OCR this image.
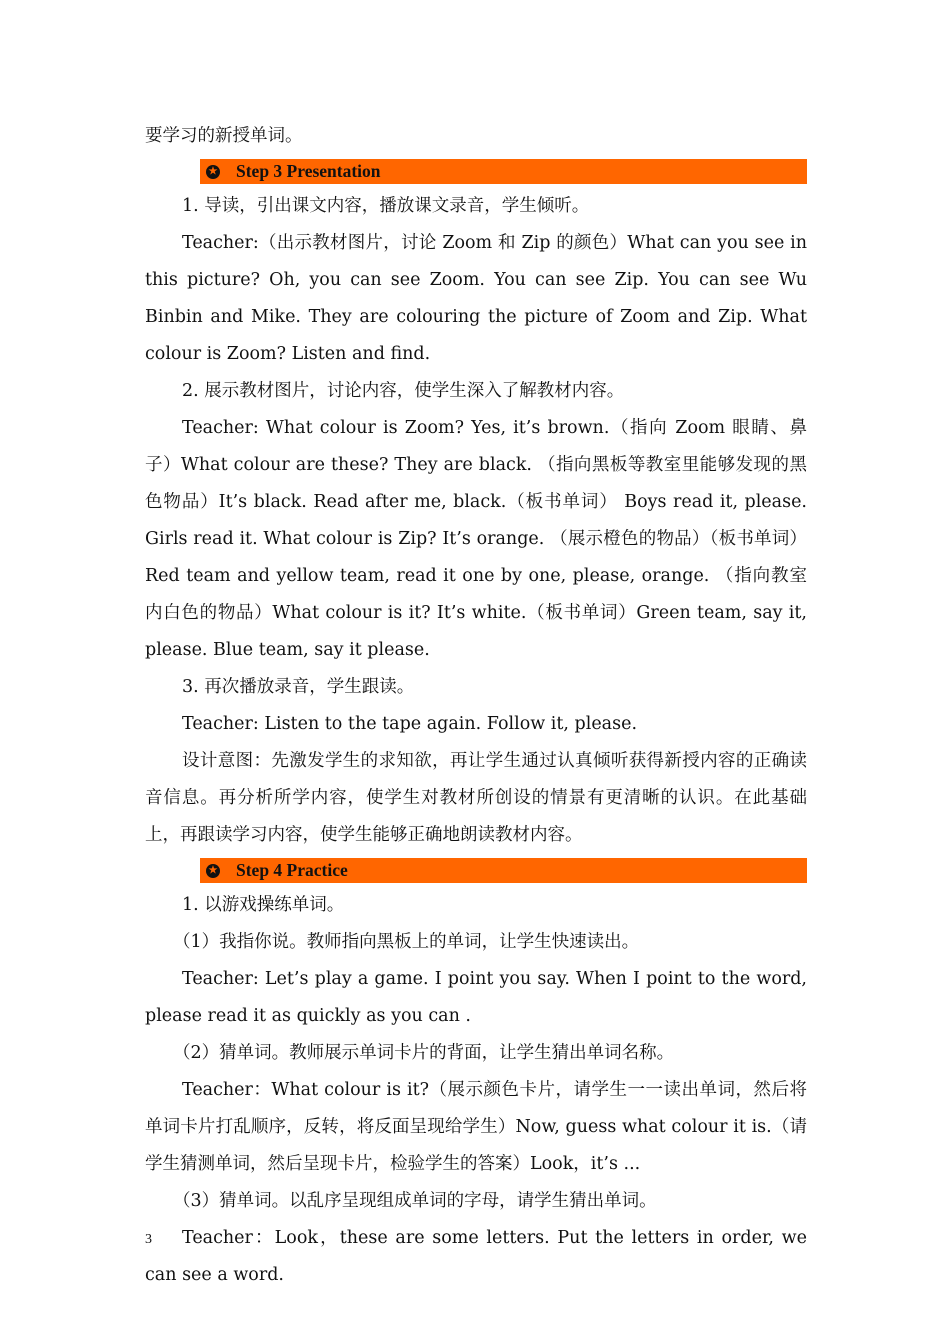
要学习的新授单词。

★ Step 3 Presentation

1. 导读，引出课文内容，播放课文录音，学生倾听。

Teacher:（出示教材图片，讨论 Zoom 和 Zip 的颜色）What can you see in this picture? Oh, you can see Zoom. You can see Zip. You can see Wu Binbin and Mike. They are colouring the picture of Zoom and Zip. What colour is Zoom? Listen and find.

2. 展示教材图片，讨论内容，使学生深入了解教材内容。

Teacher: What colour is Zoom? Yes, it’s brown.（指向 Zoom 眼睛、鼻子）What colour are these? They are black. （指向黑板等教室里能够发现的黑色物品）It’s black. Read after me, black.（板书单词） Boys read it, please. Girls read it. What colour is Zip? It’s orange. （展示橙色的物品）（板书单词）Red team and yellow team, read it one by one, please, orange. （指向教室内白色的物品）What colour is it? It’s white.（板书单词）Green team, say it, please. Blue team, say it please.

3. 再次播放录音，学生跟读。

Teacher: Listen to the tape again. Follow it, please.

设计意图：先激发学生的求知欲，再让学生通过认真倾听获得新授内容的正确读音信息。再分析所学内容，使学生对教材所创设的情景有更清晰的认识。在此基础上，再跟读学习内容，使学生能够正确地朗读教材内容。

★ Step 4 Practice

1. 以游戏操练单词。

（1）我指你说。教师指向黑板上的单词，让学生快速读出。

Teacher: Let’s play a game. I point you say. When I point to the word, please read it as quickly as you can .

（2）猜单词。教师展示单词卡片的背面，让学生猜出单词名称。

Teacher：What colour is it?（展示颜色卡片，请学生一一读出单词，然后将单词卡片打乱顺序，反转，将反面呈现给学生）Now, guess what colour it is.（请学生猜测单词，然后呈现卡片，检验学生的答案）Look，it’s ...

（3）猜单词。以乱序呈现组成单词的字母，请学生猜出单词。

Teacher：Look，these are some letters. Put the letters in order, we can see a word.

3
